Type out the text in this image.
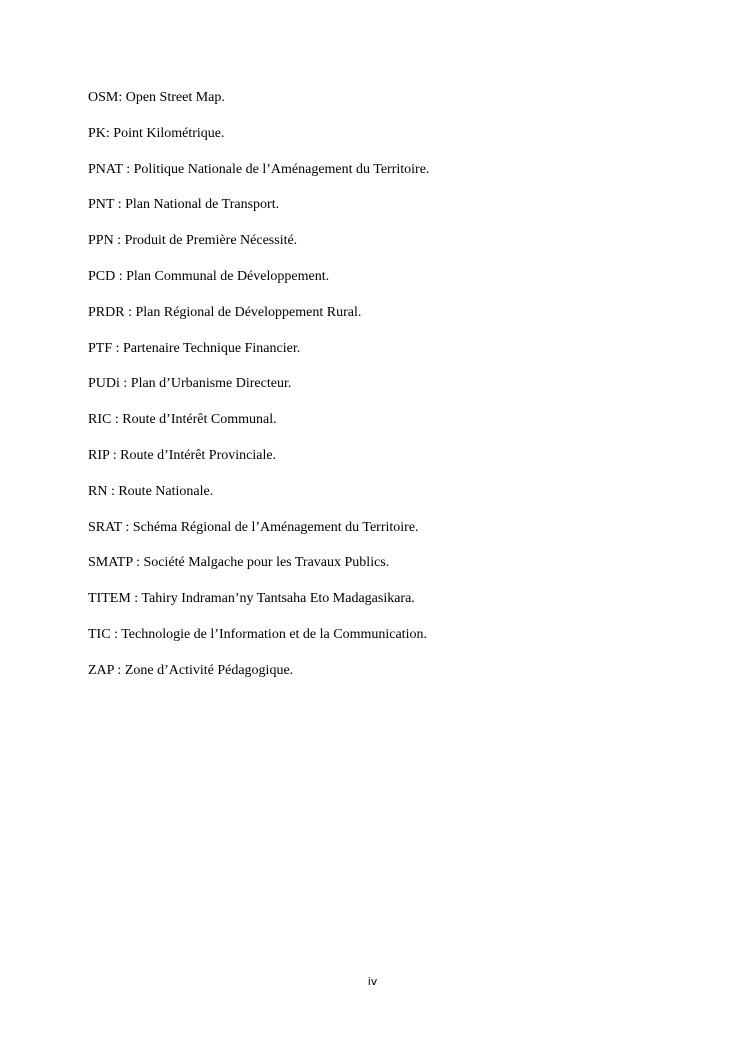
OSM: Open Street Map.
PK: Point Kilométrique.
PNAT : Politique Nationale de l’Aménagement du Territoire.
PNT : Plan National de Transport.
PPN : Produit de Première Nécessité.
PCD : Plan Communal de Développement.
PRDR : Plan Régional de Développement Rural.
PTF : Partenaire Technique Financier.
PUDi : Plan d’Urbanisme Directeur.
RIC : Route d’Intérêt Communal.
RIP : Route d’Intérêt Provinciale.
RN : Route Nationale.
SRAT : Schéma Régional de l’Aménagement du Territoire.
SMATP : Société Malgache pour les Travaux Publics.
TITEM : Tahiry Indraman’ny Tantsaha Eto Madagasikara.
TIC : Technologie de l’Information et de la Communication.
ZAP : Zone d’Activité Pédagogique.
iv
